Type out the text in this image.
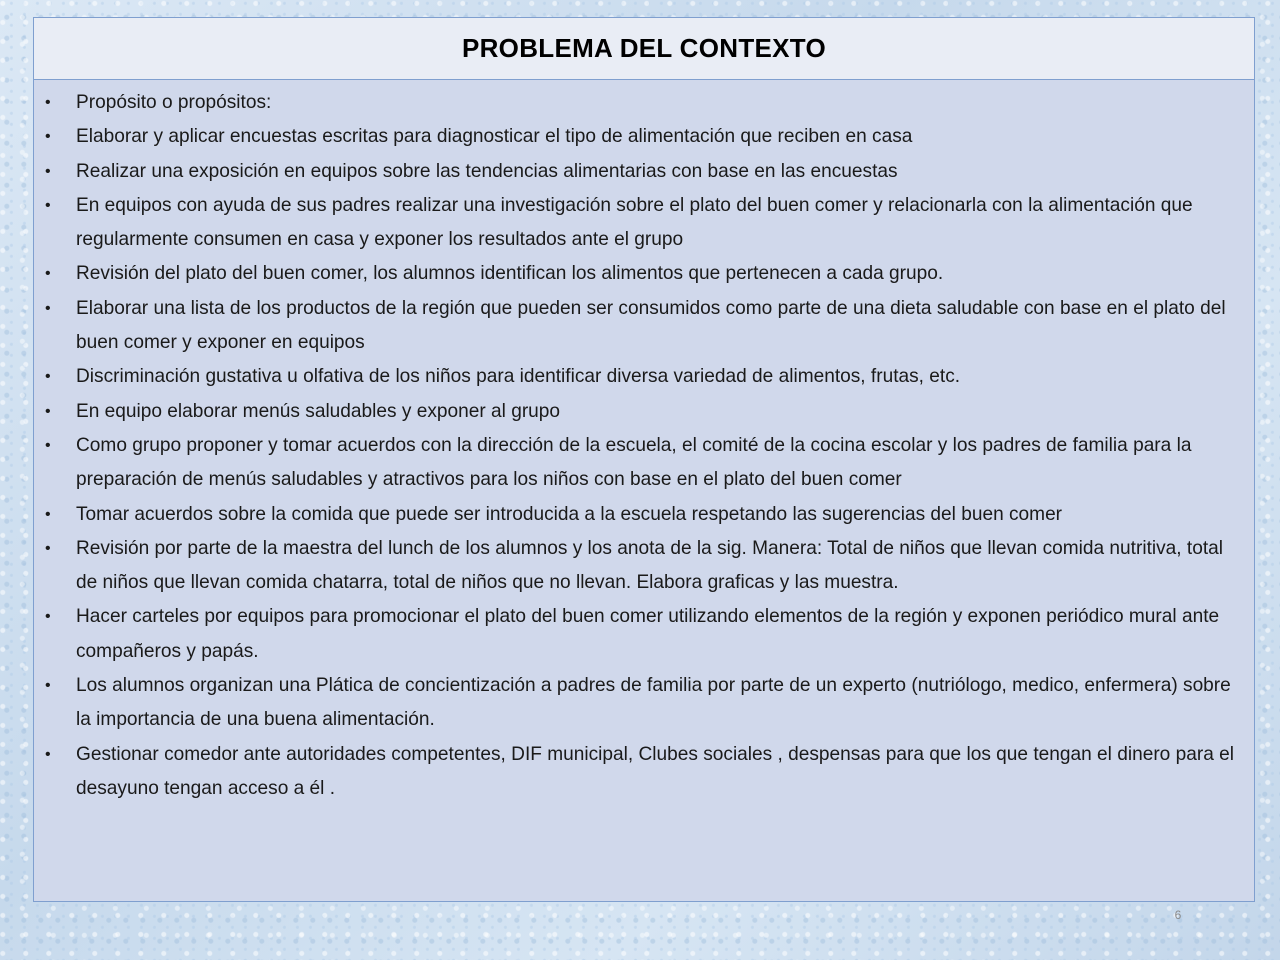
PROBLEMA DEL CONTEXTO
•	Propósito o propósitos:
•	Elaborar y aplicar encuestas escritas para diagnosticar el tipo de alimentación que reciben en casa
•	Realizar una exposición en equipos sobre las tendencias alimentarias con base en las encuestas
•	En equipos con ayuda de sus padres realizar una investigación sobre el plato del buen comer y relacionarla con la alimentación que regularmente consumen en casa y exponer los resultados ante el grupo
•	Revisión del plato del buen comer, los alumnos identifican los alimentos que pertenecen a cada grupo.
•	Elaborar una lista de los productos de la región que pueden ser consumidos como parte de una dieta saludable con base en el plato del buen comer y exponer en equipos
•	Discriminación gustativa u olfativa de los niños para identificar diversa variedad de alimentos, frutas, etc.
•	En equipo elaborar menús saludables y exponer al grupo
•	Como grupo proponer y tomar acuerdos con la dirección de la escuela, el comité de la cocina escolar y los padres de familia para la preparación de menús saludables y atractivos para los niños con base en el plato del buen comer
•	Tomar acuerdos sobre la comida que puede ser introducida a la escuela respetando las sugerencias del buen comer
•	Revisión por parte de la maestra del lunch de los alumnos y los anota de la sig. Manera: Total de niños que llevan comida nutritiva, total de niños que llevan comida chatarra, total de niños que no llevan. Elabora graficas y las muestra.
•	Hacer carteles por equipos para promocionar el plato del buen comer utilizando elementos de la región y exponen periódico mural ante compañeros y papás.
•	Los alumnos organizan una Plática de concientización a padres de familia por parte de un experto (nutriólogo, medico, enfermera) sobre la importancia de una buena alimentación.
•	Gestionar comedor ante autoridades competentes, DIF municipal, Clubes sociales , despensas para que los que tengan el dinero para el desayuno tengan acceso a él .
6
